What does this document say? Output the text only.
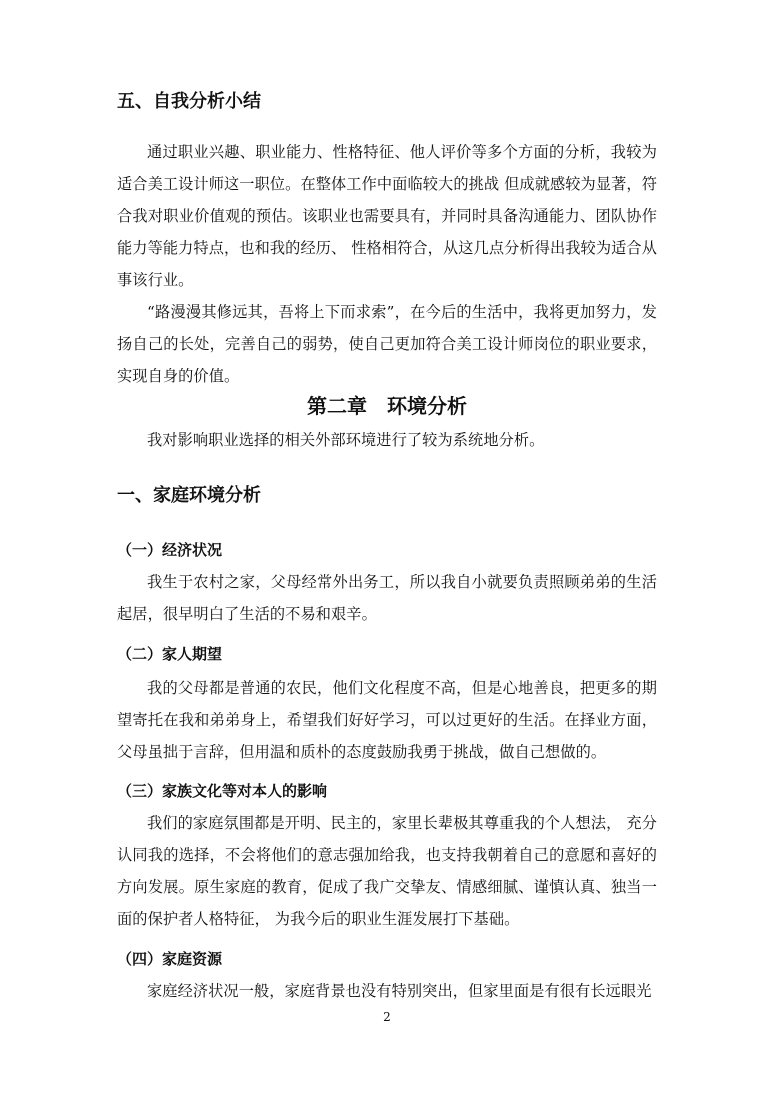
五、自我分析小结

通过职业兴趣、职业能力、性格特征、他人评价等多个方面的分析，我较为适合美工设计师这一职位。在整体工作中面临较大的挑战 但成就感较为显著，符合我对职业价值观的预估。该职业也需要具有，并同时具备沟通能力、团队协作能力等能力特点，也和我的经历、 性格相符合，从这几点分析得出我较为适合从事该行业。

“路漫漫其修远其，吾将上下而求索”，在今后的生活中，我将更加努力，发扬自己的长处，完善自己的弱势，使自己更加符合美工设计师岗位的职业要求，实现自身的价值。

第二章　环境分析

我对影响职业选择的相关外部环境进行了较为系统地分析。

一、家庭环境分析
（一）经济状况

我生于农村之家，父母经常外出务工，所以我自小就要负责照顾弟弟的生活起居，很早明白了生活的不易和艰辛。

（二）家人期望

我的父母都是普通的农民，他们文化程度不高，但是心地善良，把更多的期望寄托在我和弟弟身上，希望我们好好学习，可以过更好的生活。在择业方面，父母虽拙于言辞，但用温和质朴的态度鼓励我勇于挑战，做自己想做的。

（三）家族文化等对本人的影响

我们的家庭氛围都是开明、民主的，家里长辈极其尊重我的个人想法， 充分认同我的选择，不会将他们的意志强加给我，也支持我朝着自己的意愿和喜好的方向发展。原生家庭的教育，促成了我广交挚友、情感细腻、谨慎认真、独当一面的保护者人格特征， 为我今后的职业生涯发展打下基础。

（四）家庭资源

家庭经济状况一般，家庭背景也没有特别突出，但家里面是有很有长远眼光

2
